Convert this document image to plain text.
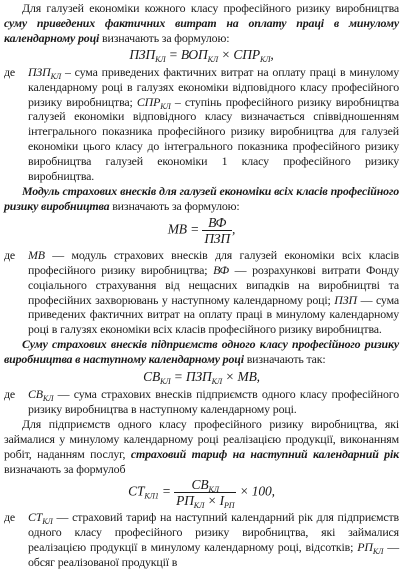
Для галузей економіки кожного класу професійного ризику виробництва суму приведених фактичних витрат на оплату праці в минулому календарному році визначають за формулою:

$ПЗП_{КЛ} = ВОП_{КЛ} \times СПР_{КЛ}$,
де	$ПЗП_{КЛ}$ – сума приведених фактичних витрат на оплату праці в минулому календарному році в галузях економіки відповідного класу професійного ризику виробництва; $СПР_{КЛ}$ – ступінь професійного ризику виробництва галузей економіки відповідного класу визначається співвідношенням інтегрального показника професійного ризику виробництва для галузей економіки цього класу до інтегрального показника професійного ризику виробництва галузей економіки 1 класу професійного ризику виробництва.

Модуль страхових внесків для галузей економіки всіх класів професійного ризику виробництва визначають за формулою:

МВ = $\frac{ВФ}{\text{ПЗП}}$ ,
де	МВ — модуль страхових внесків для галузей економіки всіх класів професійного ризику виробництва; ВФ — розрахункові витрати Фонду соціального страхування від нещасних випадків на виробництві та професійних захворювань у наступному календарному році; ПЗП — сума приведених фактичних витрат на оплату праці в минулому календарному році в галузях економіки всіх класів професійного ризику виробництва.

Суму страхових внесків підприємств одного класу професійного ризику виробництва в наступному календарному році визначають так:

$СВ_{КЛ} = ПЗП_{КЛ}$ × МВ,
де	$СВ_{КЛ}$ — сума страхових внесків підприємств одного класу професійного ризику виробництва в наступному календарному році.

Для підприємств одного класу професійного ризику виробництва, які займалися у минулому календарному році реалізацією продукції, виконанням робіт, наданням послуг, страховий тариф на наступний календарний рік визначають за формулоб

$СТ_{КЛ1} = \frac{СВ_{КЛ}}{РП_{КЛ} \times І_{РП}} \times 100$,
де	$СТ_{КЛ}$ — страховий тариф на наступний календарний рік для підприємств одного класу професійного ризику виробництва, які займалися реалізацією продукції в минулому календарному році, відсотків; $РП_{КЛ}$ — обсяг реалізованої продукції в
